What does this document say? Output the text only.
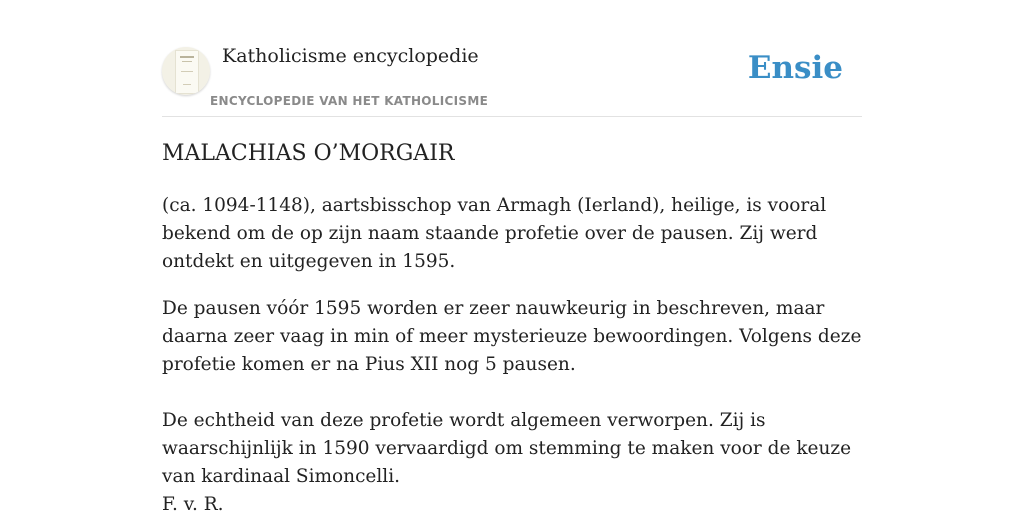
Katholicisme encyclopedie
ENCYCLOPEDIE VAN HET KATHOLICISME
Ensie
MALACHIAS O’MORGAIR

(ca. 1094-1148), aartsbisschop van Armagh (Ierland), heilige, is vooral bekend om de op zijn naam staande profetie over de pausen. Zij werd ontdekt en uitgegeven in 1595.

De pausen vóór 1595 worden er zeer nauwkeurig in beschreven, maar daarna zeer vaag in min of meer mysterieuze bewoordingen. Volgens deze profetie komen er na Pius XII nog 5 pausen.

De echtheid van deze profetie wordt algemeen verworpen. Zij is waarschijnlijk in 1590 vervaardigd om stemming te maken voor de keuze van kardinaal Simoncelli.

F. v. R.
